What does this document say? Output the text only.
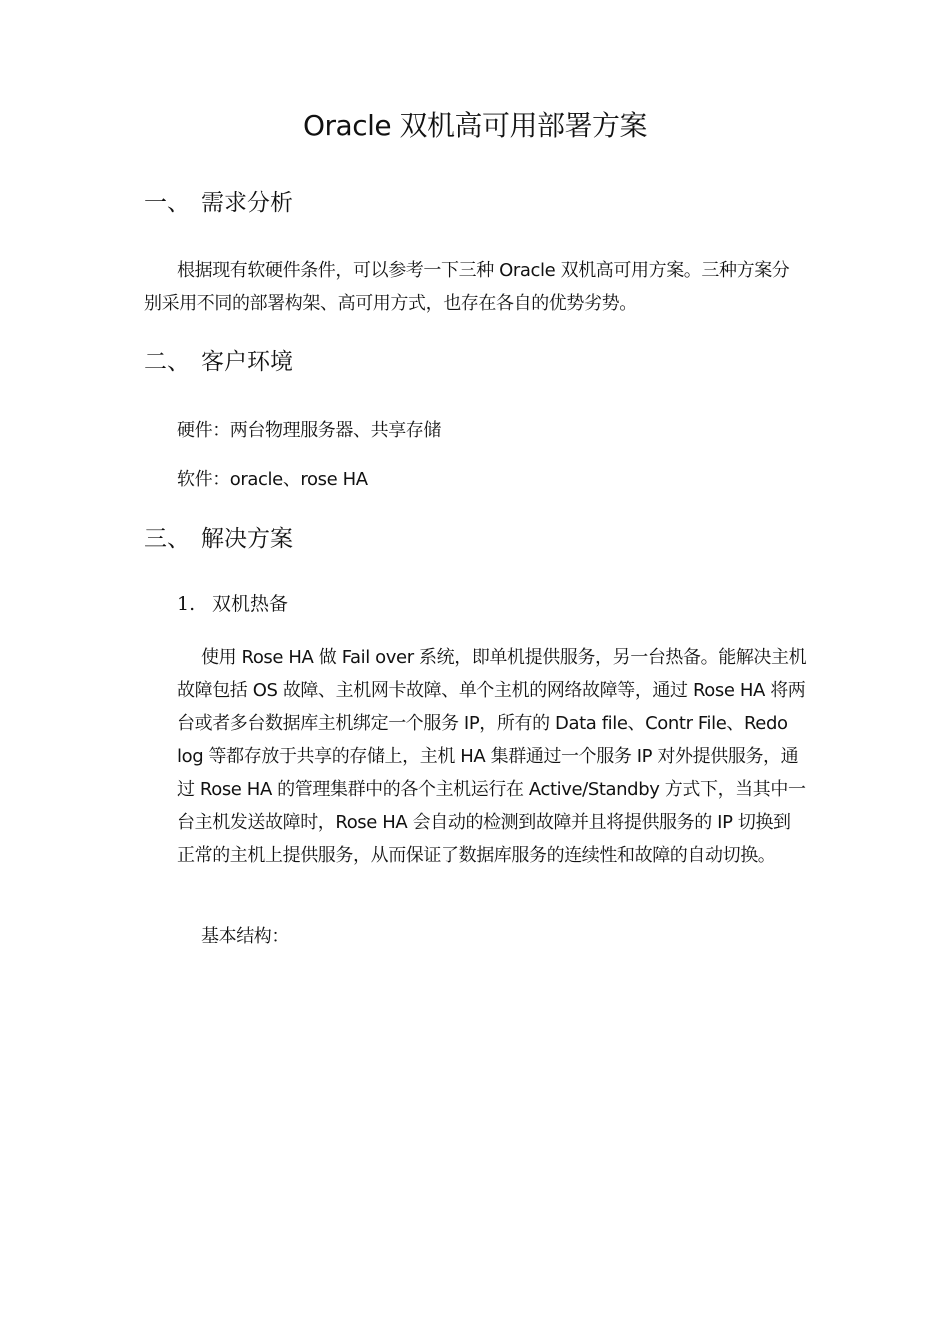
Oracle 双机高可用部署方案
一、 需求分析

根据现有软硬件条件，可以参考一下三种 Oracle 双机高可用方案。三种方案分别采用不同的部署构架、高可用方式，也存在各自的优势劣势。

二、 客户环境

硬件：两台物理服务器、共享存储

软件：oracle、rose HA

三、 解决方案
1. 双机热备

使用 Rose HA 做 Fail over 系统，即单机提供服务，另一台热备。能解决主机故障包括 OS 故障、主机网卡故障、单个主机的网络故障等，通过 Rose HA 将两台或者多台数据库主机绑定一个服务 IP，所有的 Data file、Contr File、Redo log 等都存放于共享的存储上，主机 HA 集群通过一个服务 IP 对外提供服务，通过 Rose HA 的管理集群中的各个主机运行在 Active/Standby 方式下，当其中一台主机发送故障时，Rose HA 会自动的检测到故障并且将提供服务的 IP 切换到正常的主机上提供服务，从而保证了数据库服务的连续性和故障的自动切换。

基本结构：
